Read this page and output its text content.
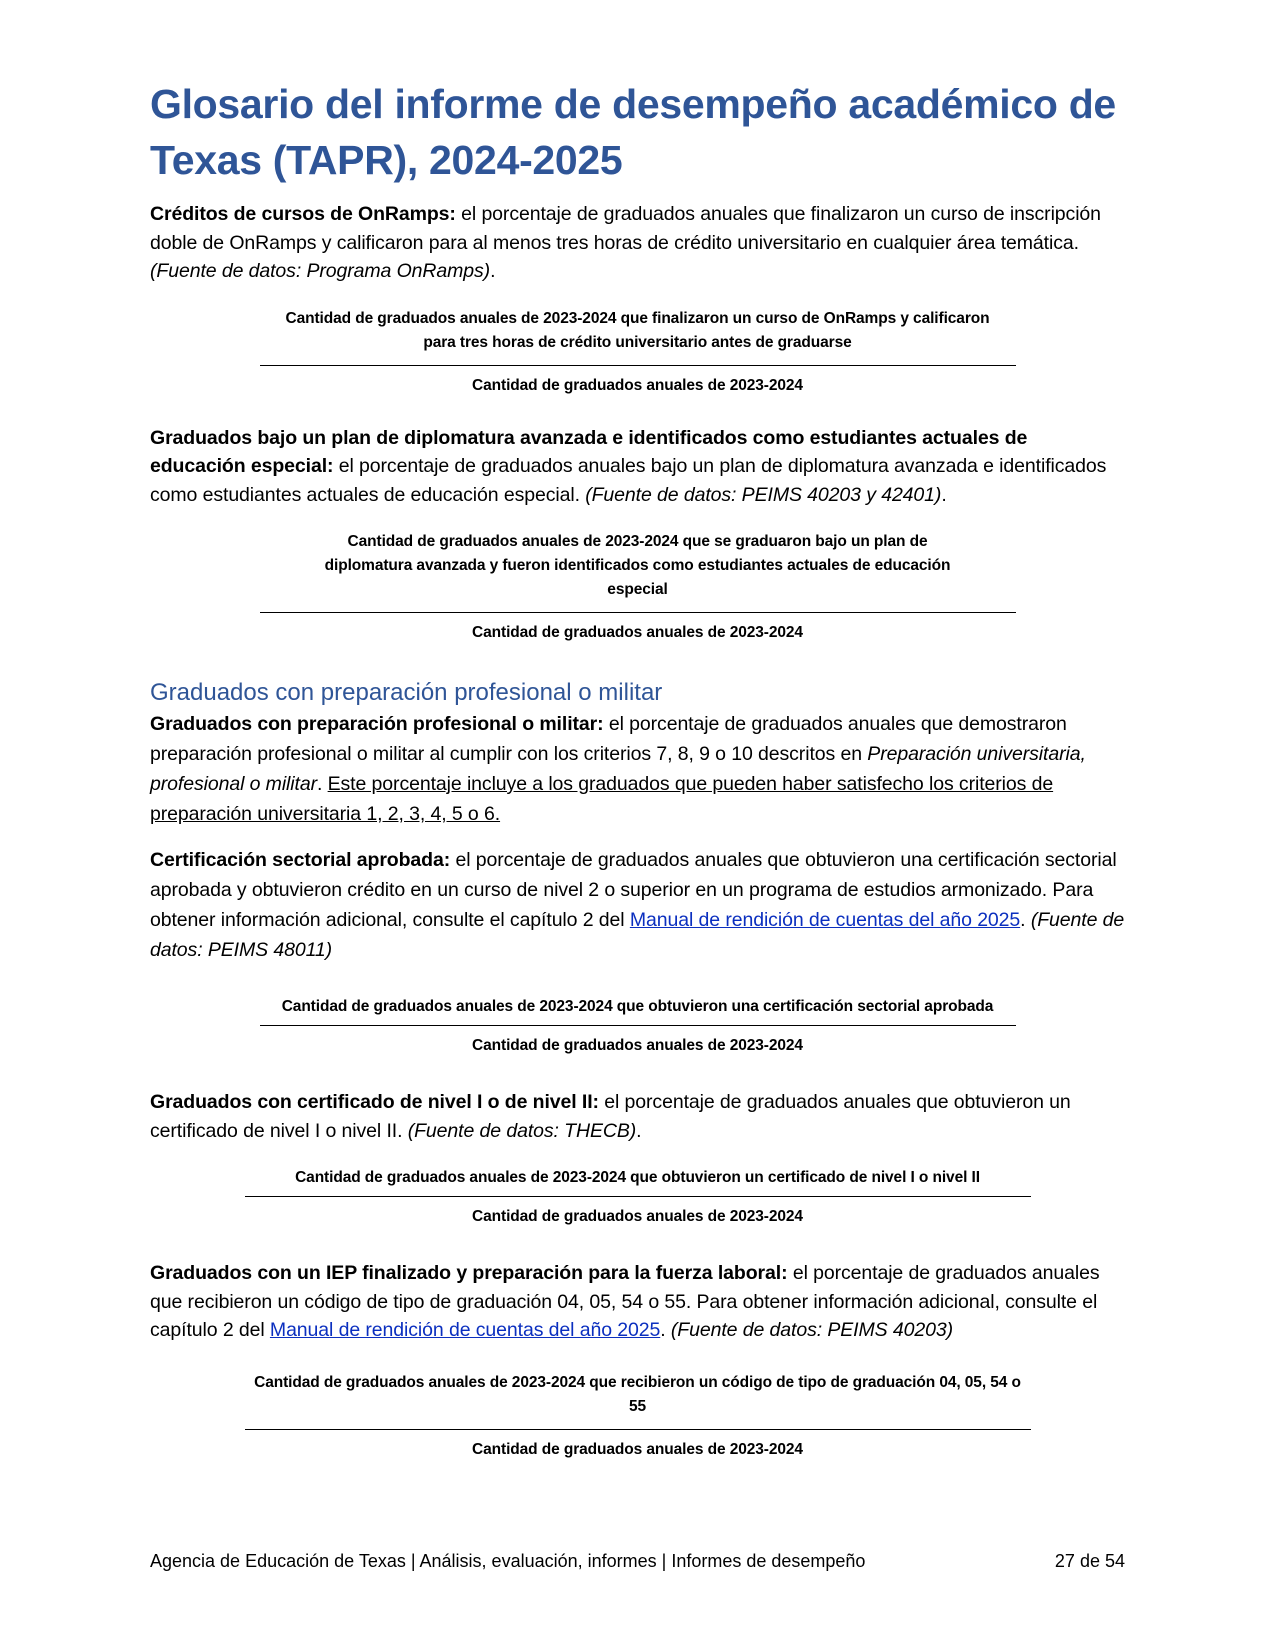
Glosario del informe de desempeño académico de Texas (TAPR), 2024-2025

Créditos de cursos de OnRamps: el porcentaje de graduados anuales que finalizaron un curso de inscripción doble de OnRamps y calificaron para al menos tres horas de crédito universitario en cualquier área temática. (Fuente de datos: Programa OnRamps).

Cantidad de graduados anuales de 2023-2024 que finalizaron un curso de OnRamps y calificaron para tres horas de crédito universitario antes de graduarse
Cantidad de graduados anuales de 2023-2024

Graduados bajo un plan de diplomatura avanzada e identificados como estudiantes actuales de educación especial: el porcentaje de graduados anuales bajo un plan de diplomatura avanzada e identificados como estudiantes actuales de educación especial. (Fuente de datos: PEIMS 40203 y 42401).

Cantidad de graduados anuales de 2023-2024 que se graduaron bajo un plan de diplomatura avanzada y fueron identificados como estudiantes actuales de educación especial
Cantidad de graduados anuales de 2023-2024
Graduados con preparación profesional o militar

Graduados con preparación profesional o militar: el porcentaje de graduados anuales que demostraron preparación profesional o militar al cumplir con los criterios 7, 8, 9 o 10 descritos en Preparación universitaria, profesional o militar. Este porcentaje incluye a los graduados que pueden haber satisfecho los criterios de preparación universitaria 1, 2, 3, 4, 5 o 6.

Certificación sectorial aprobada: el porcentaje de graduados anuales que obtuvieron una certificación sectorial aprobada y obtuvieron crédito en un curso de nivel 2 o superior en un programa de estudios armonizado. Para obtener información adicional, consulte el capítulo 2 del Manual de rendición de cuentas del año 2025. (Fuente de datos: PEIMS 48011)

Cantidad de graduados anuales de 2023-2024 que obtuvieron una certificación sectorial aprobada
Cantidad de graduados anuales de 2023-2024

Graduados con certificado de nivel I o de nivel II: el porcentaje de graduados anuales que obtuvieron un certificado de nivel I o nivel II. (Fuente de datos: THECB).

Cantidad de graduados anuales de 2023-2024 que obtuvieron un certificado de nivel I o nivel II
Cantidad de graduados anuales de 2023-2024

Graduados con un IEP finalizado y preparación para la fuerza laboral: el porcentaje de graduados anuales que recibieron un código de tipo de graduación 04, 05, 54 o 55. Para obtener información adicional, consulte el capítulo 2 del Manual de rendición de cuentas del año 2025. (Fuente de datos: PEIMS 40203)

Cantidad de graduados anuales de 2023-2024 que recibieron un código de tipo de graduación 04, 05, 54 o 55
Cantidad de graduados anuales de 2023-2024
Agencia de Educación de Texas | Análisis, evaluación, informes | Informes de desempeño	27 de 54
